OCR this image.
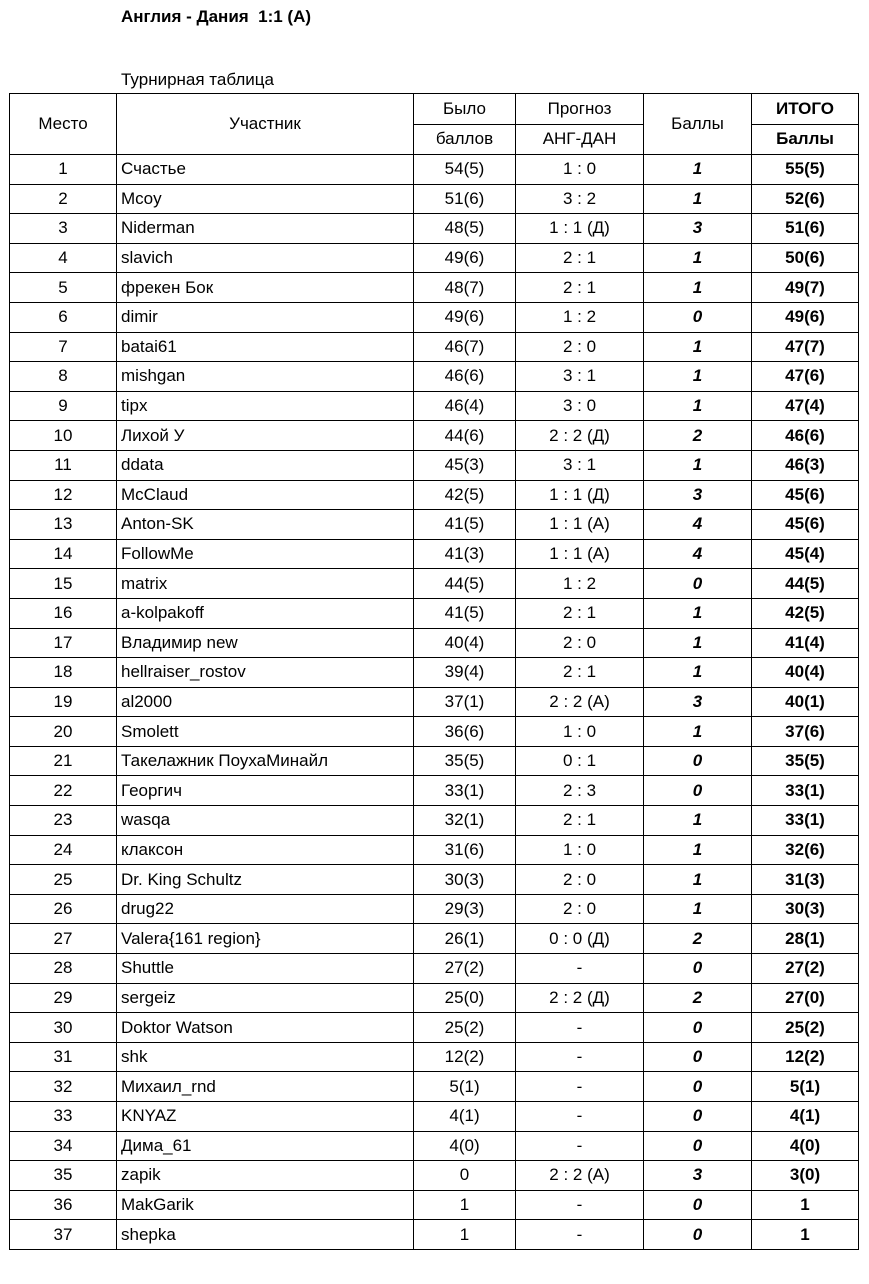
Англия - Дания  1:1 (А)
Турнирная таблица
Место	Участник	Было	Прогноз	Баллы	ИТОГО
		баллов	АНГ-ДАН		Баллы
1	Счастье	54(5)	1 : 0	1	55(5)
2	Mcoy	51(6)	3 : 2	1	52(6)
3	Niderman	48(5)	1 : 1 (Д)	3	51(6)
4	slavich	49(6)	2 : 1	1	50(6)
5	фрекен Бок	48(7)	2 : 1	1	49(7)
6	dimir	49(6)	1 : 2	0	49(6)
7	batai61	46(7)	2 : 0	1	47(7)
8	mishgan	46(6)	3 : 1	1	47(6)
9	tipx	46(4)	3 : 0	1	47(4)
10	Лихой У	44(6)	2 : 2 (Д)	2	46(6)
11	ddata	45(3)	3 : 1	1	46(3)
12	McClaud	42(5)	1 : 1 (Д)	3	45(6)
13	Anton-SK	41(5)	1 : 1 (А)	4	45(6)
14	FollowMe	41(3)	1 : 1 (А)	4	45(4)
15	matrix	44(5)	1 : 2	0	44(5)
16	a-kolpakoff	41(5)	2 : 1	1	42(5)
17	Владимир new	40(4)	2 : 0	1	41(4)
18	hellraiser_rostov	39(4)	2 : 1	1	40(4)
19	al2000	37(1)	2 : 2 (А)	3	40(1)
20	Smolett	36(6)	1 : 0	1	37(6)
21	Такелажник ПоухаМинайл	35(5)	0 : 1	0	35(5)
22	Георгич	33(1)	2 : 3	0	33(1)
23	wasqa	32(1)	2 : 1	1	33(1)
24	клаксон	31(6)	1 : 0	1	32(6)
25	Dr. King Schultz	30(3)	2 : 0	1	31(3)
26	drug22	29(3)	2 : 0	1	30(3)
27	Valera{161 region}	26(1)	0 : 0 (Д)	2	28(1)
28	Shuttle	27(2)	-	0	27(2)
29	sergeiz	25(0)	2 : 2 (Д)	2	27(0)
30	Doktor Watson	25(2)	-	0	25(2)
31	shk	12(2)	-	0	12(2)
32	Михаил_rnd	5(1)	-	0	5(1)
33	KNYAZ	4(1)	-	0	4(1)
34	Дима_61	4(0)	-	0	4(0)
35	zapik	0	2 : 2 (А)	3	3(0)
36	MakGarik	1	-	0	1
37	shepka	1	-	0	1
